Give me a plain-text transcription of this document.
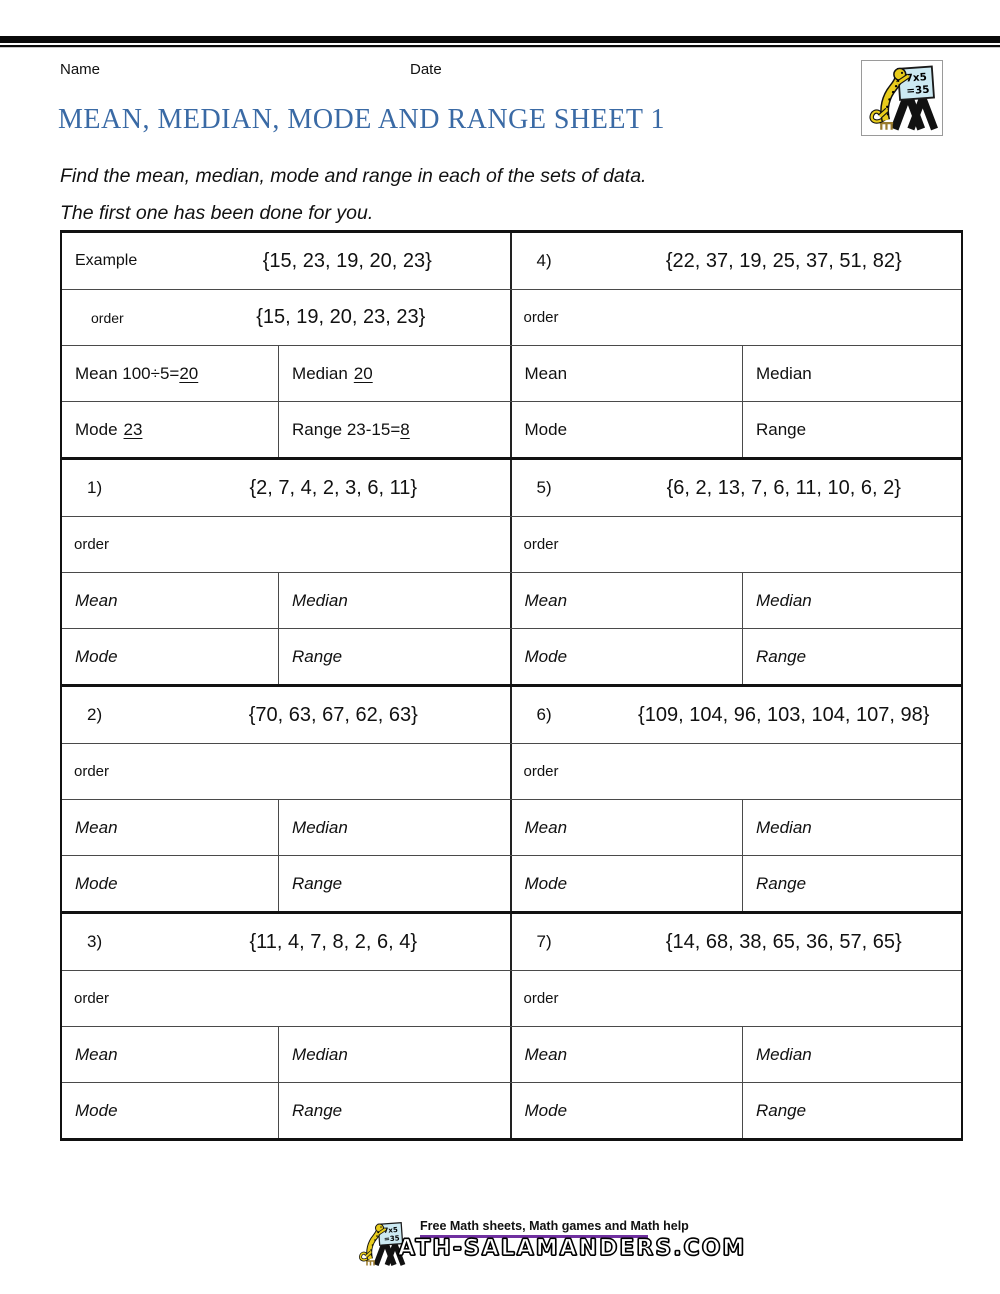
Name	Date
MEAN, MEDIAN, MODE AND RANGE SHEET 1
Find the mean, median, mode and range in each of the sets of data.
The first one has been done for you.
Example	{15, 23, 19, 20, 23}	4)	{22, 37, 19, 25, 37, 51, 82}
order	{15, 19, 20, 23, 23}	order
Mean 100÷5= 20	Median 20	Mean	Median
Mode 23	Range 23-15= 8	Mode	Range
1)	{2, 7, 4, 2, 3, 6, 11}	5)	{6, 2, 13, 7, 6, 11, 10, 6, 2}
order	order
Mean	Median	Mean	Median
Mode	Range	Mode	Range
2)	{70, 63, 67, 62, 63}	6)	{109, 104, 96, 103, 104, 107, 98}
order	order
Mean	Median	Mean	Median
Mode	Range	Mode	Range
3)	{11, 4, 7, 8, 2, 6, 4}	7)	{14, 68, 38, 65, 36, 57, 65}
order	order
Mean	Median	Mean	Median
Mode	Range	Mode	Range
Free Math sheets, Math games and Math help
ATH-SALAMANDERS.COM
